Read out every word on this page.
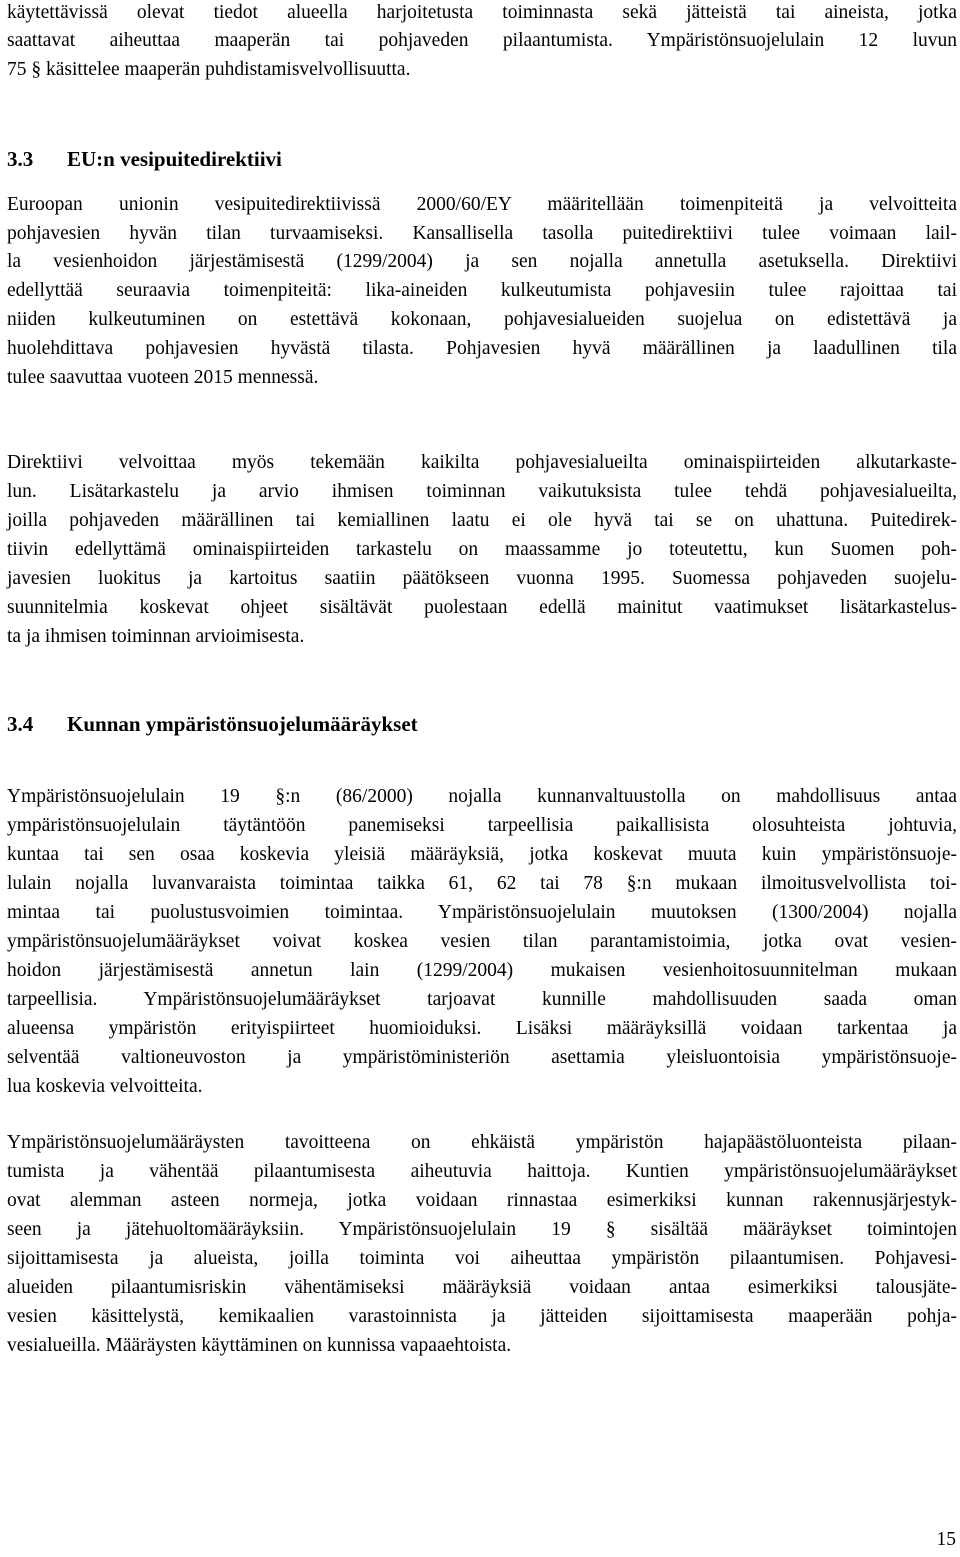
käytettävissä olevat tiedot alueella harjoitetusta toiminnasta sekä jätteistä tai aineista, jotka
saattavat aiheuttaa maaperän tai pohjaveden pilaantumista. Ympäristönsuojelulain 12 luvun
75 § käsittelee maaperän puhdistamisvelvollisuutta.
3.3 EU:n vesipuitedirektiivi
Euroopan unionin vesipuitedirektiivissä 2000/60/EY määritellään toimenpiteitä ja velvoitteita
pohjavesien hyvän tilan turvaamiseksi. Kansallisella tasolla puitedirektiivi tulee voimaan lail-
la vesienhoidon järjestämisestä (1299/2004) ja sen nojalla annetulla asetuksella. Direktiivi
edellyttää seuraavia toimenpiteitä: lika-aineiden kulkeutumista pohjavesiin tulee rajoittaa tai
niiden kulkeutuminen on estettävä kokonaan, pohjavesialueiden suojelua on edistettävä ja
huolehdittava pohjavesien hyvästä tilasta. Pohjavesien hyvä määrällinen ja laadullinen tila
tulee saavuttaa vuoteen 2015 mennessä.
Direktiivi velvoittaa myös tekemään kaikilta pohjavesialueilta ominaispiirteiden alkutarkaste-
lun. Lisätarkastelu ja arvio ihmisen toiminnan vaikutuksista tulee tehdä pohjavesialueilta,
joilla pohjaveden määrällinen tai kemiallinen laatu ei ole hyvä tai se on uhattuna. Puitedirek-
tiivin edellyttämä ominaispiirteiden tarkastelu on maassamme jo toteutettu, kun Suomen poh-
javesien luokitus ja kartoitus saatiin päätökseen vuonna 1995. Suomessa pohjaveden suojelu-
suunnitelmia koskevat ohjeet sisältävät puolestaan edellä mainitut vaatimukset lisätarkastelus-
ta ja ihmisen toiminnan arvioimisesta.
3.4 Kunnan ympäristönsuojelumääräykset
Ympäristönsuojelulain 19 §:n (86/2000) nojalla kunnanvaltuustolla on mahdollisuus antaa
ympäristönsuojelulain täytäntöön panemiseksi tarpeellisia paikallisista olosuhteista johtuvia,
kuntaa tai sen osaa koskevia yleisiä määräyksiä, jotka koskevat muuta kuin ympäristönsuoje-
lulain nojalla luvanvaraista toimintaa taikka 61, 62 tai 78 §:n mukaan ilmoitusvelvollista toi-
mintaa tai puolustusvoimien toimintaa. Ympäristönsuojelulain muutoksen (1300/2004) nojalla
ympäristönsuojelumääräykset voivat koskea vesien tilan parantamistoimia, jotka ovat vesien-
hoidon järjestämisestä annetun lain (1299/2004) mukaisen vesienhoitosuunnitelman mukaan
tarpeellisia. Ympäristönsuojelumääräykset tarjoavat kunnille mahdollisuuden saada oman
alueensa ympäristön erityispiirteet huomioiduksi. Lisäksi määräyksillä voidaan tarkentaa ja
selventää valtioneuvoston ja ympäristöministeriön asettamia yleisluontoisia ympäristönsuoje-
lua koskevia velvoitteita.
Ympäristönsuojelumääräysten tavoitteena on ehkäistä ympäristön hajapäästöluonteista pilaan-
tumista ja vähentää pilaantumisesta aiheutuvia haittoja. Kuntien ympäristönsuojelumääräykset
ovat alemman asteen normeja, jotka voidaan rinnastaa esimerkiksi kunnan rakennusjärjestyk-
seen ja jätehuoltomääräyksiin. Ympäristönsuojelulain 19 § sisältää määräykset toimintojen
sijoittamisesta ja alueista, joilla toiminta voi aiheuttaa ympäristön pilaantumisen. Pohjavesi-
alueiden pilaantumisriskin vähentämiseksi määräyksiä voidaan antaa esimerkiksi talousjäte-
vesien käsittelystä, kemikaalien varastoinnista ja jätteiden sijoittamisesta maaperään pohja-
vesialueilla. Määräysten käyttäminen on kunnissa vapaaehtoista.
15
